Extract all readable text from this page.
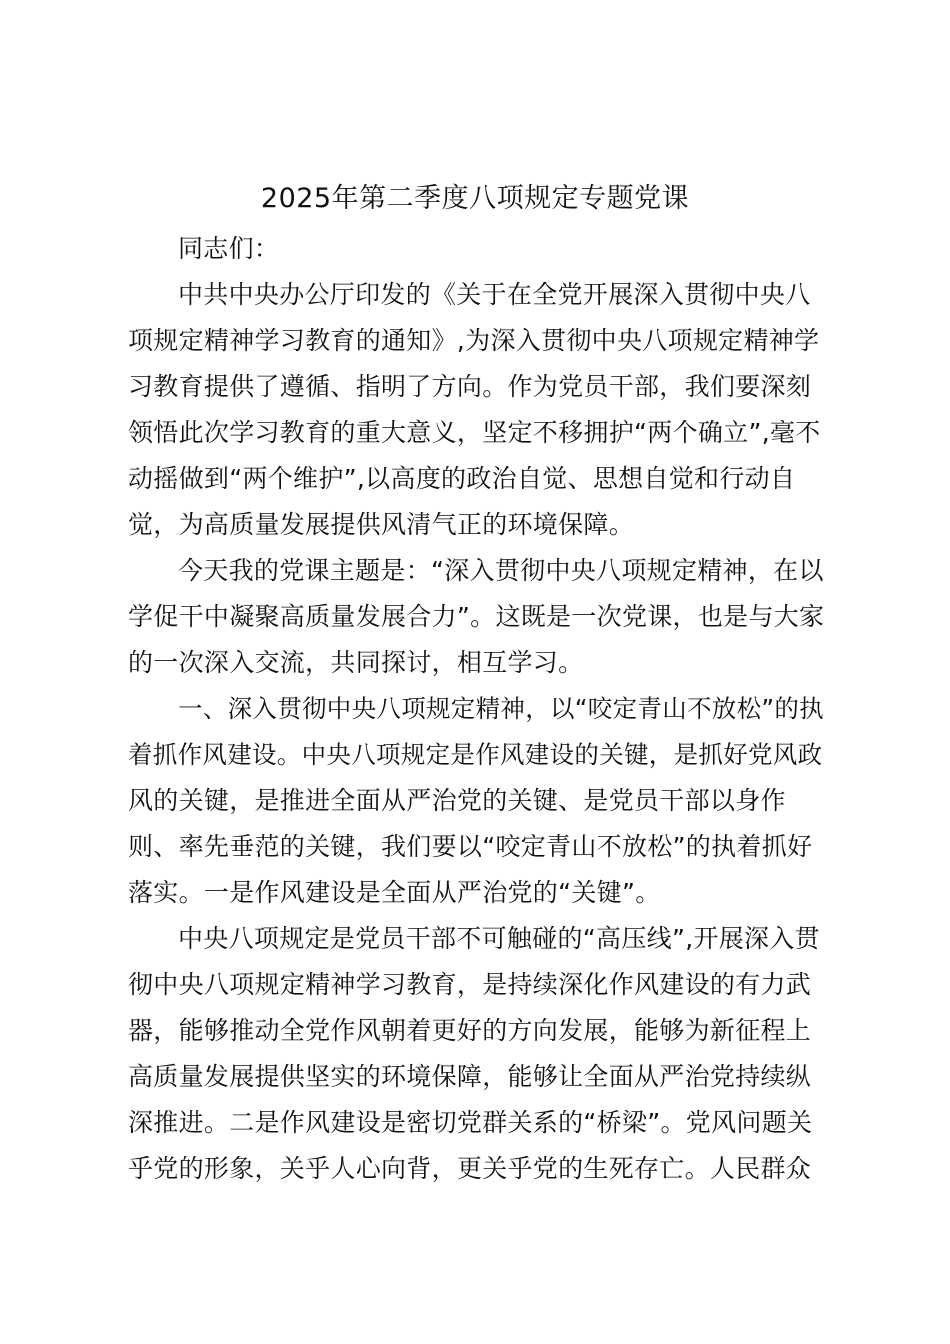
2025年第二季度八项规定专题党课
同志们：
中共中央办公厅印发的《关于在全党开展深入贯彻中央八
项规定精神学习教育的通知》,为深入贯彻中央八项规定精神学
习教育提供了遵循、指明了方向。作为党员干部，我们要深刻
领悟此次学习教育的重大意义，坚定不移拥护“两个确立”,毫不
动摇做到“两个维护”,以高度的政治自觉、思想自觉和行动自
觉，为高质量发展提供风清气正的环境保障。
今天我的党课主题是：“深入贯彻中央八项规定精神，在以
学促干中凝聚高质量发展合力”。这既是一次党课，也是与大家
的一次深入交流，共同探讨，相互学习。
一、深入贯彻中央八项规定精神，以“咬定青山不放松”的执
着抓作风建设。中央八项规定是作风建设的关键，是抓好党风政
风的关键，是推进全面从严治党的关键、是党员干部以身作
则、率先垂范的关键，我们要以“咬定青山不放松”的执着抓好
落实。一是作风建设是全面从严治党的“关键”。
中央八项规定是党员干部不可触碰的“高压线”,开展深入贯
彻中央八项规定精神学习教育，是持续深化作风建设的有力武
器，能够推动全党作风朝着更好的方向发展，能够为新征程上
高质量发展提供坚实的环境保障，能够让全面从严治党持续纵
深推进。二是作风建设是密切党群关系的“桥梁”。党风问题关
乎党的形象，关乎人心向背，更关乎党的生死存亡。人民群众
